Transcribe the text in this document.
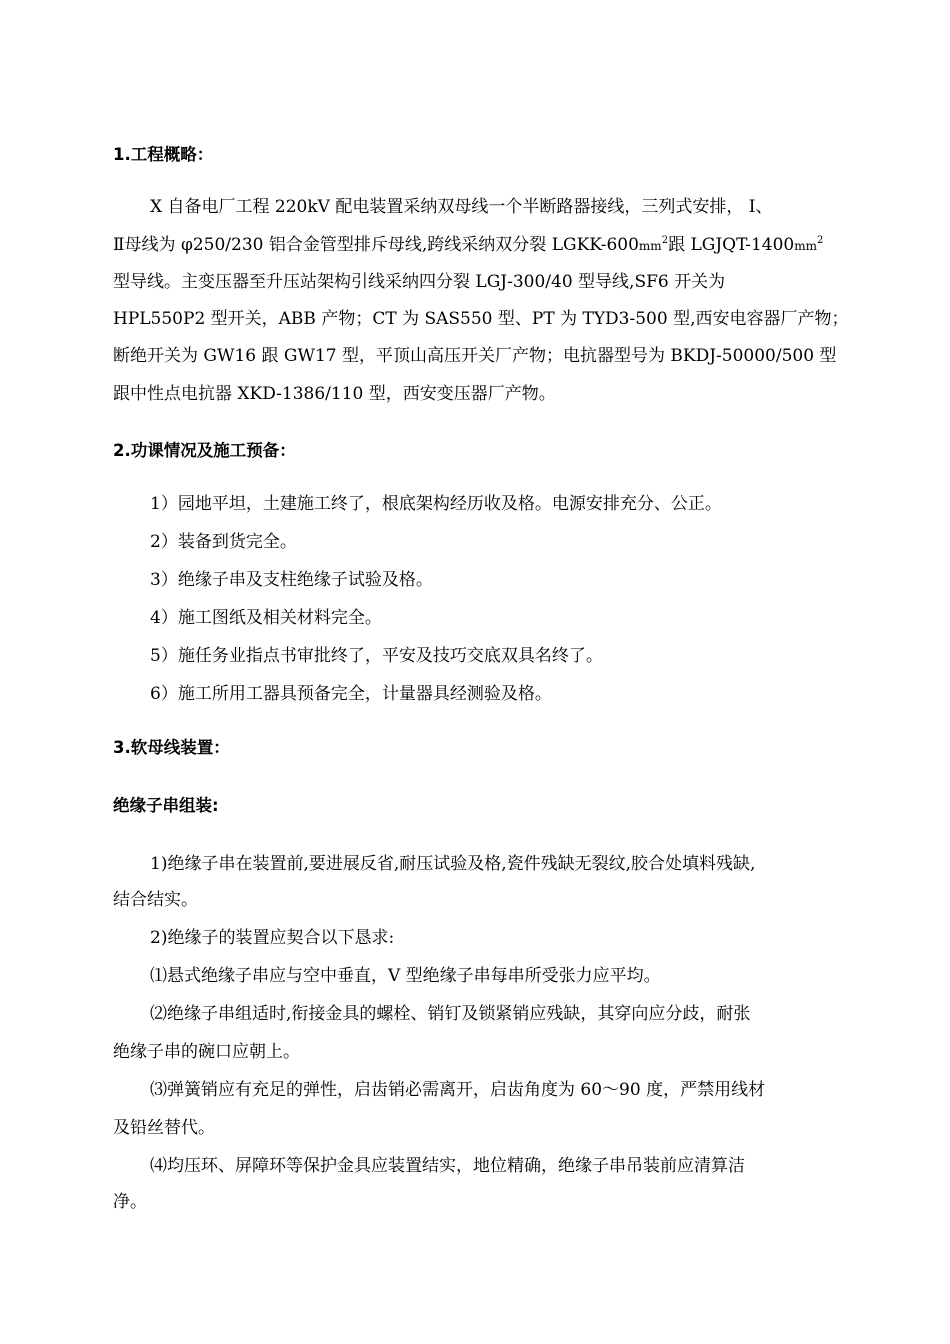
1.工程概略：
X 自备电厂工程 220kV 配电装置采纳双母线一个半断路器接线，三列式安排， Ⅰ、
Ⅱ母线为 φ250/230 铝合金管型排斥母线,跨线采纳双分裂 LGKK-$600mm^2$跟 LGJQT-$1400mm^2$
型导线。主变压器至升压站架构引线采纳四分裂 LGJ-300/40 型导线,SF6 开关为
HPL550P2 型开关，ABB 产物；CT 为 SAS550 型、PT 为 TYD3-500 型,西安电容器厂产物；
断绝开关为 GW16 跟 GW17 型，平顶山高压开关厂产物；电抗器型号为 BKDJ-50000/500 型
跟中性点电抗器 XKD-1386/110 型，西安变压器厂产物。
2.功课情况及施工预备：
1）园地平坦，土建施工终了，根底架构经历收及格。电源安排充分、公正。
2）装备到货完全。
3）绝缘子串及支柱绝缘子试验及格。
4）施工图纸及相关材料完全。
5）施任务业指点书审批终了，平安及技巧交底双具名终了。
6）施工所用工器具预备完全，计量器具经测验及格。
3.软母线装置：
绝缘子串组装:
1)绝缘子串在装置前,要进展反省,耐压试验及格,瓷件残缺无裂纹,胶合处填料残缺,
结合结实。
2)绝缘子的装置应契合以下恳求:
⑴悬式绝缘子串应与空中垂直，V 型绝缘子串每串所受张力应平均。
⑵绝缘子串组适时,衔接金具的螺栓、销钉及锁紧销应残缺，其穿向应分歧，耐张
绝缘子串的碗口应朝上。
⑶弹簧销应有充足的弹性，启齿销必需离开，启齿角度为 60～90 度，严禁用线材
及铅丝替代。
⑷均压环、屏障环等保护金具应装置结实，地位精确，绝缘子串吊装前应清算洁
净。
